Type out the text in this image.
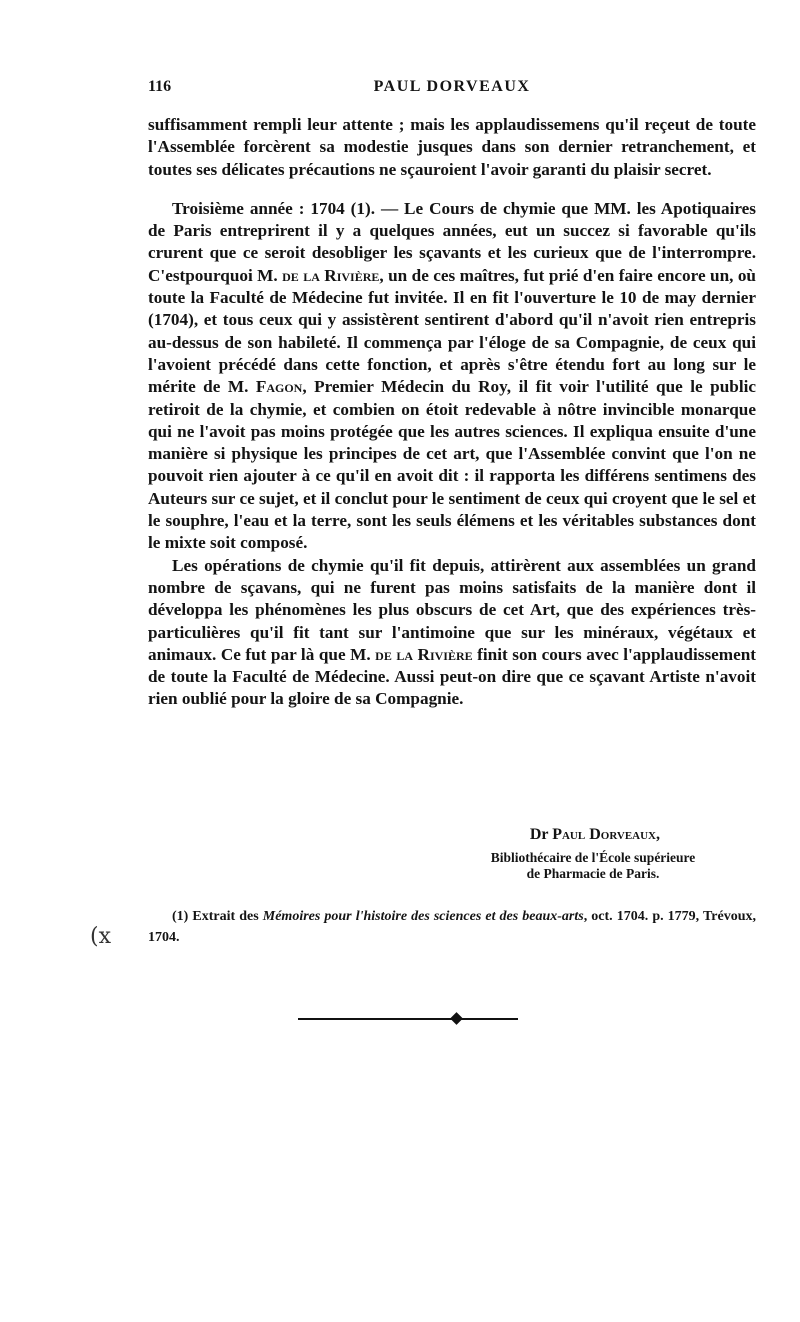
116	PAUL DORVEAUX

suffisamment rempli leur attente ; mais les applaudissemens qu'il reçeut de toute l'Assemblée forcèrent sa modestie jusques dans son dernier retranchement, et toutes ses délicates précautions ne sçauroient l'avoir garanti du plaisir secret.

Troisième année : 1704 (1). — Le Cours de chymie que MM. les Apotiquaires de Paris entreprirent il y a quelques années, eut un succez si favorable qu'ils crurent que ce seroit desobliger les sçavants et les curieux que de l'interrompre. C'estpourquoi M. de la Rivière, un de ces maîtres, fut prié d'en faire encore un, où toute la Faculté de Médecine fut invitée. Il en fit l'ouverture le 10 de may dernier (1704), et tous ceux qui y assistèrent sentirent d'abord qu'il n'avoit rien entrepris au-dessus de son habileté. Il commença par l'éloge de sa Compagnie, de ceux qui l'avoient précédé dans cette fonction, et après s'être étendu fort au long sur le mérite de M. Fagon, Premier Médecin du Roy, il fit voir l'utilité que le public retiroit de la chymie, et combien on étoit redevable à nôtre invincible monarque qui ne l'avoit pas moins protégée que les autres sciences. Il expliqua ensuite d'une manière si physique les principes de cet art, que l'Assemblée convint que l'on ne pouvoit rien ajouter à ce qu'il en avoit dit : il rapporta les différens sentimens des Auteurs sur ce sujet, et il conclut pour le sentiment de ceux qui croyent que le sel et le souphre, l'eau et la terre, sont les seuls élémens et les véritables substances dont le mixte soit composé.

Les opérations de chymie qu'il fit depuis, attirèrent aux assemblées un grand nombre de sçavans, qui ne furent pas moins satisfaits de la manière dont il développa les phénomènes les plus obscurs de cet Art, que des expériences très-particulières qu'il fit tant sur l'antimoine que sur les minéraux, végétaux et animaux. Ce fut par là que M. de la Rivière finit son cours avec l'applaudissement de toute la Faculté de Médecine. Aussi peut-on dire que ce sçavant Artiste n'avoit rien oublié pour la gloire de sa Compagnie.

Dr Paul Dorveaux,
Bibliothécaire de l'École supérieure
de Pharmacie de Paris.

(1) Extrait des Mémoires pour l'histoire des sciences et des beaux-arts, oct. 1704. p. 1779, Trévoux, 1704.

(x
